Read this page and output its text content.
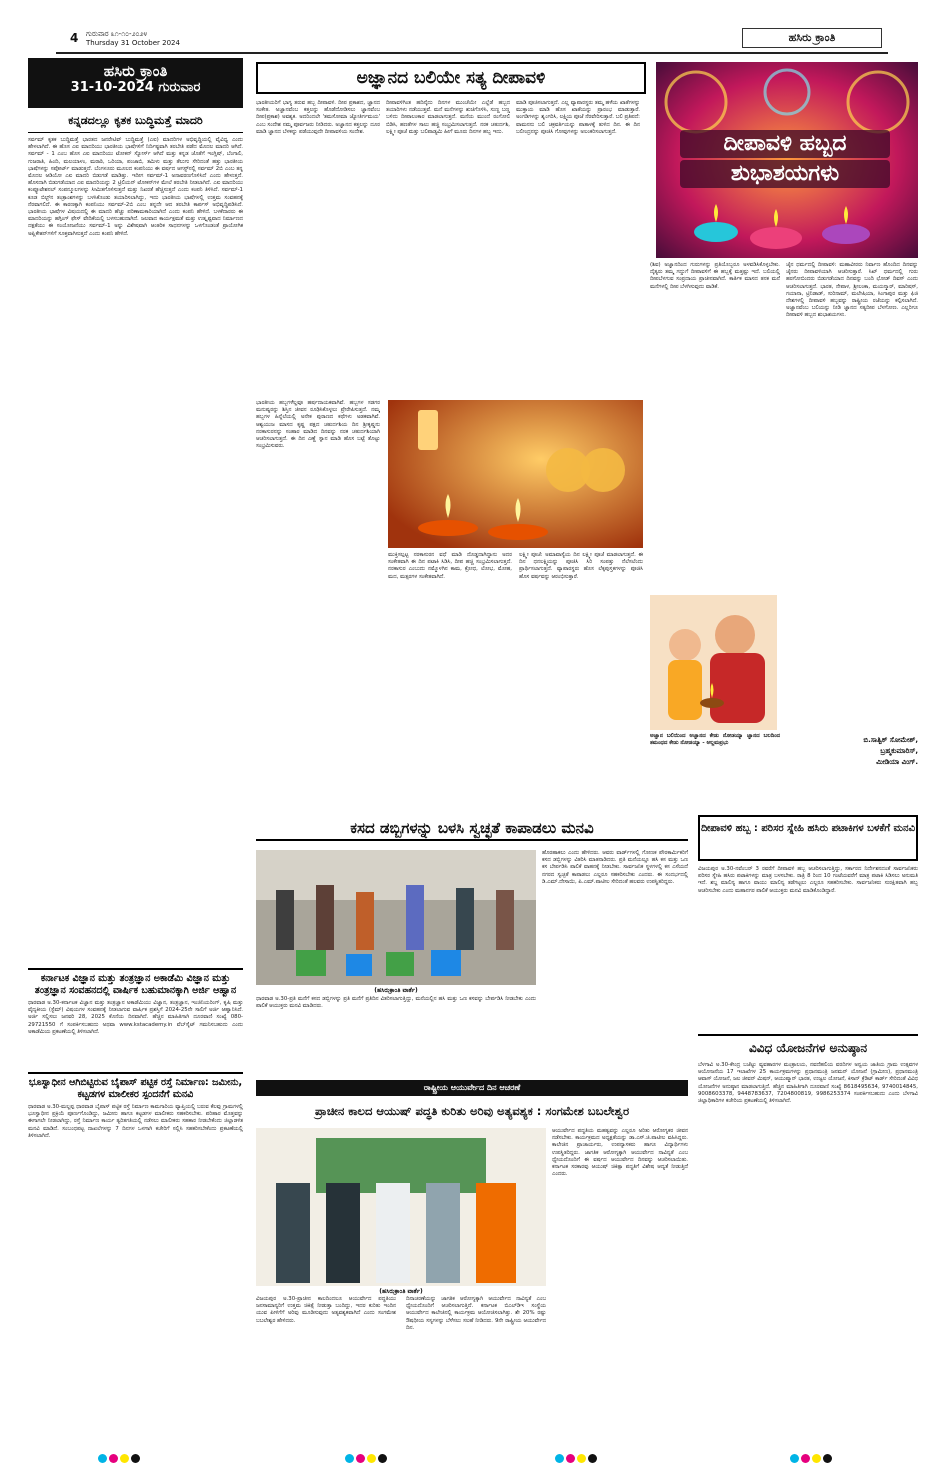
4 ಗುರುವಾರ ೩೧-೧೦-೨೦೨೪
Thursday 31 October 2024	ಹಸಿರು ಕ್ರಾಂತಿ
ಹಸಿರು ಕ್ರಾಂತಿ
31-10-2024 ಗುರುವಾರ
ಕನ್ನಡದಲ್ಲೂ ಕೃತಕ ಬುದ್ಧಿಮತ್ತೆ ಮಾದರಿ
ಸರ್ವಮ್ ಕೃತಕ ಬುದ್ಧಿಮತ್ತೆ ಭಾರತದ ಜನರೇಟಿವ್ ಬುದ್ಧಿಮತ್ತೆ (ಎಐ) ಮಾದರಿಗಳ ಅಭಿವೃದ್ಧಿಯಲ್ಲಿ ವೈವಿಧ್ಯ ಎಂದು ಹೇಳಲಾಗಿದೆ. ಈ ಹೊಸ ಎಐ ಮಾದರಿಯು ಭಾರತೀಯ ಭಾಷೆಗಳಿಗೆ ನಿರ್ದಿಷ್ಟವಾಗಿ ತರಬೇತಿ ಪಡೆದ ಮೊದಲ ಮಾದರಿ ಆಗಿದೆ. ಸರ್ವಮ್ - 1 ಎಂಬ ಹೊಸ ಎಐ ಮಾದರಿಯು ಟೋಕನ್ ಸ್ಯೋರ್ಸ್ ಆಗಿದೆ ಮತ್ತು ಕನ್ನಡ ಜೊತೆಗೆ ಇಂಗ್ಲಿಷ್, ಬೆಂಗಾಲಿ, ಗುಜರಾತಿ, ಹಿಂದಿ, ಮಲಯಾಳಂ, ಮರಾಠಿ, ಒರಿಯಾ, ಪಂಜಾಬಿ, ತಮಿಳು ಮತ್ತು ತೆಲುಗು ಸೇರಿದಂತೆ ಹತ್ತು ಭಾರತೀಯ ಭಾಷೆಗಳನ್ನು ಸಪೋರ್ಟ್ ಮಾಡುತ್ತದೆ. ಬೆಂಗಳೂರು ಮೂಲದ ಕಂಪನಿಯು ಈ ವರ್ಷದ ಆಗಸ್ಟ್‌ನಲ್ಲಿ ಸರ್ವಮ್ 2ಬಿ ಎಂಬ ತನ್ನ ಮೊದಲ ಆಡಿಯೋ ಎಐ ಮಾದರಿ ಬಿಡುಗಡೆ ಮಾಡಿತ್ತು. ಇದೀಗ ಸರ್ವಮ್-1 ಅನಾವರಣಗೊಳಿಸಿದೆ ಎಂದು ಹೇಳುತ್ತದೆ. ಹೊಸದಾಗಿ ಬಿಡುಗಡೆಯಾದ ಎಐ ಮಾದರಿಯನ್ನು 2 ಟ್ರಿಲಿಯನ್ ಟೋಕನ್‌ಗಳ ಮೇಲೆ ತರಬೇತಿ ನೀಡಲಾಗಿದೆ. ಎಐ ಮಾದರಿಯು ಕಂಪ್ಯೂಟೇಶನಲ್ ಸಂಪನ್ಮೂಲಗಳನ್ನು ಸೀಮಿತಗೊಳಿಸುತ್ತದೆ ಮತ್ತು ನಿಖರತೆ ಹೆಚ್ಚಿಸುತ್ತದೆ ಎಂದು ಕಂಪನಿ ತಿಳಿಸಿದೆ. ಸರ್ವಮ್-1 ಕೂಡ ಬಿಲ್ಟ್‌ನ ತಂತ್ರಾಂಶಗಳನ್ನು ಬಳಸಿಕೊಂಡು ತಯಾರಿಸಲಾಗಿದ್ದು, ಇದು ಭಾರತೀಯ ಭಾಷೆಗಳಲ್ಲಿ ಉತ್ತಮ ಸಂವಹನಕ್ಕೆ ನೆರವಾಗಲಿದೆ. ಈ ಕಾರಣಕ್ಕಾಗಿ ಕಂಪನಿಯು ಸರ್ವಮ್-2ಬಿ ಎಂಬ ತನ್ನದೇ ಆದ ತರಬೇತಿ ಕಾರ್ಪಸ್ ಅಭಿವೃದ್ಧಿಪಡಿಸಿದೆ. ಭಾರತೀಯ ಭಾಷೆಗಳ ವಿಷಯದಲ್ಲಿ ಈ ಮಾದರಿ ಹೆಚ್ಚು ಪರಿಣಾಮಕಾರಿಯಾಗಿದೆ ಎಂದು ಕಂಪನಿ ಹೇಳಿದೆ. ಬಳಕೆದಾರರು ಈ ಮಾದರಿಯನ್ನು ಹಗ್ಗಿಂಗ್ ಫೇಸ್ ವೇದಿಕೆಯಲ್ಲಿ ಬಳಸಬಹುದಾಗಿದೆ. ಜಲವಾದ ಕಾರ್ಯಕ್ಷಮತೆ ಮತ್ತು ಉತ್ಕೃಷ್ಟವಾದ ನಿರ್ಮಾಣದ ದಕ್ಷತೆಯು ಈ ಸಂಯೋಜನೆಯು ಸರ್ವಮ್-1 ಅನ್ನು ವಿಶೇಷವಾಗಿ ಆಂತರಿಕ ಸಾಧನಗಳನ್ನು ಒಳಗೊಂಡಂತೆ ಪ್ರಾಯೋಗಿಕ ಅಪ್ಲಿಕೇಶನ್‌ಗಳಿಗೆ ಸೂಕ್ತವಾಗಿಸುತ್ತದೆ ಎಂದು ಕಂಪನಿ ಹೇಳಿದೆ.
ಕರ್ನಾಟಕ ವಿಜ್ಞಾನ ಮತ್ತು ತಂತ್ರಜ್ಞಾನ ಅಕಾಡೆಮಿ ವಿಜ್ಞಾನ ಮತ್ತು ತಂತ್ರಜ್ಞಾನ ಸಂವಹನದಲ್ಲಿ ವಾರ್ಷಿಕ ಬಹುಮಾನಕ್ಕಾಗಿ ಅರ್ಜಿ ಆಹ್ವಾನ
ಧಾರವಾಡ ಅ.30-ಕರ್ನಾಟಕ ವಿಜ್ಞಾನ ಮತ್ತು ತಂತ್ರಜ್ಞಾನ ಅಕಾಡೆಮಿಯು ವಿಜ್ಞಾನ, ತಂತ್ರಜ್ಞಾನ, ಇಂಜಿನಿಯರಿಂಗ್, ಕೃಷಿ ಮತ್ತು ವೈದ್ಯಕೀಯ (ಸ್ಟೆಮ್) ವಿಷಯಗಳ ಸಂವಹನಕ್ಕೆ ನೀಡಲಾಗುವ ವಾರ್ಷಿಕ ಪ್ರಶಸ್ತಿಗೆ 2024-25ನೇ ಸಾಲಿಗೆ ಅರ್ಜಿ ಆಹ್ವಾನಿಸಿದೆ. ಅರ್ಜಿ ಸಲ್ಲಿಸಲು ಜನವರಿ 28, 2025 ಕೊನೆಯ ದಿನವಾಗಿದೆ. ಹೆಚ್ಚಿನ ಮಾಹಿತಿಗಾಗಿ ದೂರವಾಣಿ ಸಂಖ್ಯೆ 080-29721550 ಗೆ ಸಂಪರ್ಕಿಸಬಹುದು ಅಥವಾ www.kstacademy.in ವೆಬ್‌ಸೈಟ್ ಗಮನಿಸಬಹುದು ಎಂದು ಅಕಾಡೆಮಿಯ ಪ್ರಕಟಣೆಯಲ್ಲಿ ತಿಳಿಸಲಾಗಿದೆ.
ಭೂಸ್ವಾಧೀನ ಆಗಿಬಿಟ್ಟಿರುವ ಬೈಪಾಸ್ ಪಟ್ಟಿಕ ರಸ್ತೆ ನಿರ್ಮಾಣ: ಜಮೀನು, ಕಟ್ಟಡಗಳ ಮಾಲೀಕರ ಸ್ಪಂದನೆಗೆ ಮನವಿ
ಧಾರವಾಡ ಅ.30-ಮಲ್ಲಪ್ಪ ಧಾರವಾಡ ಬೈಪಾಸ್ ಪಟ್ಟಿಕ ರಸ್ತೆ ನಿರ್ಮಾಣ ಕಾಮಗಾರಿಯ ವ್ಯಾಪ್ತಿಯಲ್ಲಿ ಬರುವ ಕೆಲವು ಗ್ರಾಮಗಳಲ್ಲಿ ಭೂಸ್ವಾಧೀನ ಪ್ರಕ್ರಿಯೆ ಪೂರ್ಣಗೊಂಡಿದ್ದು, ಜಮೀನು ಹಾಗೂ ಕಟ್ಟಡಗಳ ಮಾಲೀಕರು ಸಹಕರಿಸಬೇಕು. ಪರಿಹಾರ ಮೊತ್ತವನ್ನು ಈಗಾಗಲೇ ನೀಡಲಾಗಿದ್ದು, ರಸ್ತೆ ನಿರ್ಮಾಣ ಕಾರ್ಯ ತ್ವರಿತಗತಿಯಲ್ಲಿ ನಡೆಸಲು ಮಾಲೀಕರು ಸಹಕಾರ ನೀಡಬೇಕೆಂದು ಜಿಲ್ಲಾಡಳಿತ ಮನವಿ ಮಾಡಿದೆ. ಸಂಬಂಧಪಟ್ಟ ದಾಖಲೆಗಳನ್ನು 7 ದಿನಗಳ ಒಳಗಾಗಿ ಕಚೇರಿಗೆ ಸಲ್ಲಿಸಿ ಸಹಕರಿಸಬೇಕೆಂದು ಪ್ರಕಟಣೆಯಲ್ಲಿ ತಿಳಿಸಲಾಗಿದೆ.
ಅಜ್ಞಾನದ ಬಲಿಯೇ ಸತ್ಯ ದೀಪಾವಳಿ
ಭಾರತೀಯರಿಗೆ ಭಾಗ್ಯ ತರುವ ಹಬ್ಬ ದೀಪಾವಳಿ. ದೀಪ ಪ್ರಕಾಶದ, ಜ್ಞಾನದ ಸಂಕೇತ. ಅಜ್ಞಾನವೆಂಬ ಕತ್ತಲನ್ನು ಹೊಡೆದೋಡಿಸಲು ಜ್ಞಾನವೆಂಬ ದೀಪ(ಪ್ರಕಾಶ) ಅವಶ್ಯಕ. ಅದರಿಂದಲೇ 'ತಮಸೋಮಾ ಜ್ಯೋತಿರ್ಗಮಯ' ಎಂಬ ಸಂದೇಶ ನಮ್ಮ ಪೂರ್ವಜರು ನೀಡಿದರು. ಅಜ್ಞಾನದ ಕತ್ತಲನ್ನು ದೂರ ಮಾಡಿ ಜ್ಞಾನದ ಬೆಳಕನ್ನು ಪಡೆಯುವುದೇ ದೀಪಾವಳಿಯ ಸಂದೇಶ.
ದೀಪಾವಳಿಗಿಂತ ಹದಿನೈದು ದಿನಗಳ ಮುಂಚೆಯೇ ಎಲ್ಲೆಡೆ ಹಬ್ಬದ ತಯಾರಿಗಳು ನಡೆಯುತ್ತವೆ. ಮನೆ ಮನೆಗಳನ್ನು ಶುಚಿಗೊಳಿಸಿ, ಸುಣ್ಣ ಬಣ್ಣ ಬಳಿದು ದೀಪಾಲಂಕಾರ ಮಾಡಲಾಗುತ್ತದೆ. ಮನೆಯ ಮುಂದೆ ರಂಗೋಲಿ ಬಿಡಿಸಿ, ಹಣತೆಗಳ ಸಾಲು ಹಚ್ಚಿ ಸಂಭ್ರಮಿಸಲಾಗುತ್ತದೆ. ನರಕ ಚತುರ್ದಶಿ, ಲಕ್ಷ್ಮೀ ಪೂಜೆ ಮತ್ತು ಬಲಿಪಾಡ್ಯಮಿ ಹೀಗೆ ಮೂರು ದಿನಗಳ ಹಬ್ಬ ಇದು.
ಮಾಡಿ ಪೂಜಿಸಲಾಗುತ್ತದೆ. ಎಲ್ಲ ವ್ಯಾಪಾರಸ್ಥರು ತಮ್ಮ ಹಳೆಯ ಖಾತೆಗಳನ್ನು ಮುಕ್ತಾಯ ಮಾಡಿ ಹೊಸ ಖಾತೆಯನ್ನು ಪ್ರಾರಂಭ ಮಾಡುತ್ತಾರೆ. ಅಂಗಡಿಗಳನ್ನು ಶೃಂಗರಿಸಿ, ಲಕ್ಷ್ಮಿಯ ಪೂಜೆ ನೆರವೇರಿಸುತ್ತಾರೆ. ಬಲಿ ಪ್ರತಿಪದೆ: ವಾಮನನು ಬಲಿ ಚಕ್ರವರ್ತಿಯನ್ನು ಪಾತಾಳಕ್ಕೆ ತುಳಿದ ದಿನ. ಈ ದಿನ ಬಲೀಂದ್ರನನ್ನು ಪೂಜಿಸಿ ಗೋವುಗಳನ್ನು ಅಲಂಕರಿಸಲಾಗುತ್ತದೆ.	ದೀಪಾವಳಿ ಹಬ್ಬದ
ಶುಭಾಶಯಗಳು
ಭಾರತೀಯ ಹಬ್ಬಗಳೆಲ್ಲವೂ ಹರ್ಷದಾಯಕವಾಗಿವೆ. ಹಬ್ಬಗಳ ಸಡಗರ ಮನುಷ್ಯರನ್ನು ಶಿಸ್ತಿನ ಜೀವನ ರೂಢಿಸಿಕೊಳ್ಳಲು ಪ್ರೇರೇಪಿಸುತ್ತದೆ. ನಮ್ಮ ಹಬ್ಬಗಳ ಹಿನ್ನೆಲೆಯಲ್ಲಿ ಅನೇಕ ಪುರಾಣದ ಕಥೆಗಳು ಅಡಕವಾಗಿವೆ. ಆಶ್ವಯುಜ ಮಾಸದ ಕೃಷ್ಣ ಪಕ್ಷದ ಚತುರ್ದಶಿಯ ದಿನ ಶ್ರೀಕೃಷ್ಣನು ನರಕಾಸುರನನ್ನು ಸಂಹಾರ ಮಾಡಿದ ದಿನವನ್ನು ನರಕ ಚತುರ್ದಶಿಯಾಗಿ ಆಚರಿಸಲಾಗುತ್ತದೆ. ಈ ದಿನ ಎಣ್ಣೆ ಸ್ನಾನ ಮಾಡಿ ಹೊಸ ಬಟ್ಟೆ ತೊಟ್ಟು ಸಂಭ್ರಮಿಸುವರು.
ಮುಕ್ತಿಸಲ್ಪಟ್ಟ ನರಕಾಸುರನ ವಧೆ ಮಾಡಿ ದೊಡ್ಡದಾಗಿದ್ದಾನು ಅದರ ಸಂಕೇತವಾಗಿ ಈ ದಿನ ಪಟಾಕಿ ಸಿಡಿಸಿ, ದೀಪ ಹಚ್ಚಿ ಸಂಭ್ರಮಿಸಲಾಗುತ್ತದೆ. ನರಕಾಸುರ ಎಂಬುದು ನಮ್ಮೊಳಗಿನ ಕಾಮ, ಕ್ರೋಧ, ಲೋಭ, ಮೋಹ, ಮದ, ಮತ್ಸರಗಳ ಸಂಕೇತವಾಗಿದೆ.
ಲಕ್ಷ್ಮೀ ಪೂಜೆ: ಅಮಾವಾಸ್ಯೆಯ ದಿನ ಲಕ್ಷ್ಮೀ ಪೂಜೆ ಮಾಡಲಾಗುತ್ತದೆ. ಈ ದಿನ ಧನಲಕ್ಷ್ಮಿಯನ್ನು ಪೂಜಿಸಿ ಸಿರಿ ಸಂಪತ್ತು ನೆಲೆಸಲೆಂದು ಪ್ರಾರ್ಥಿಸಲಾಗುತ್ತದೆ. ವ್ಯಾಪಾರಸ್ಥರು ಹೊಸ ಲೆಕ್ಕಪುಸ್ತಕಗಳನ್ನು ಪೂಜಿಸಿ ಹೊಸ ವರ್ಷವನ್ನು ಆರಂಭಿಸುತ್ತಾರೆ.
(ಶಿವ) ಅಜ್ಞಾನದಿಂದ ಗುರುಗಳನ್ನು ಪ್ರತಿಯೊಬ್ಬರೂ ಅಳವಡಿಸಿಕೊಳ್ಳಬೇಕು. ದೈತ್ಯರು ತಮ್ಮ ಗದ್ದುಗೆ ದೀಪಾವಳಿಗೆ ಈ ಹಬ್ಬಕ್ಕೆ ಮತ್ತಷ್ಟು ಇದೆ. ಬಲಿಯಲ್ಲಿ ದೀಪಬೆಳಗುವ ಸಂಪ್ರದಾಯ ಪ್ರಾಚೀನವಾಗಿದೆ. ಕಾರ್ತಿಕ ಮಾಸದ ತನಕ ಮನೆ ಮನೆಗಳಲ್ಲಿ ದೀಪ ಬೆಳಗಿಸುವುದು ವಾಡಿಕೆ.
ಜೈನ ಧರ್ಮದಲ್ಲಿ ದೀಪಾವಳಿ: ಮಹಾವೀರರು ನಿರ್ವಾಣ ಹೊಂದಿದ ದಿನವನ್ನು ಜೈನರು ದೀಪಾವಳಿಯಾಗಿ ಆಚರಿಸುತ್ತಾರೆ. ಸಿಖ್ ಧರ್ಮದಲ್ಲಿ ಗುರು ಹರಗೋಬಿಂದರು ಬಿಡುಗಡೆಯಾದ ದಿನವನ್ನು ಬಂದಿ ಛೋಡ್ ದಿವಸ್ ಎಂದು ಆಚರಿಸಲಾಗುತ್ತದೆ. ಭಾರತ, ನೇಪಾಳ, ಶ್ರೀಲಂಕಾ, ಮಯನ್ಮಾರ್, ಮಾರಿಷಸ್, ಗಯಾನಾ, ಟ್ರಿನಿಡಾಡ್, ಸುರಿನಾಮ್, ಮಲೇಷಿಯಾ, ಸಿಂಗಾಪುರ ಮತ್ತು ಫಿಜಿ ದೇಶಗಳಲ್ಲಿ ದೀಪಾವಳಿ ಹಬ್ಬವನ್ನು ರಾಷ್ಟ್ರೀಯ ರಜೆಯನ್ನು ಕಲ್ಪಿಸಲಾಗಿದೆ. ಅಜ್ಞಾನವೆಂಬ ಬಲಿಯನ್ನು ನೀಡಿ ಜ್ಞಾನದ ಸತ್ಯದೀಪ ಬೆಳಗೋಣ. ಎಲ್ಲರಿಗೂ ದೀಪಾವಳಿ ಹಬ್ಬದ ಶುಭಾಶಯಗಳು.
ಅಜ್ಞಾನ ಬಲಿಯಿಂದ ಅಜ್ಞಾನದ ಕೇಡು ನೋಡಯ್ಯಾ ಜ್ಞಾನದ ಬಲದಿಂದ ತಮಂಧದ ಕೇಡು ನೋಡಯ್ಯಾ - ಅಲ್ಲಮಪ್ರಭು	ಬಿ.ಸಾತ್ವಿಕ್ ಸೋಮೇಶ್,
ಬ್ರಹ್ಮಕುಮಾರಿಸ್,
ಮೀಡಿಯಾ ವಿಂಗ್.
ಕಸದ ಡಬ್ಬಿಗಳನ್ನು ಬಳಸಿ ಸ್ವಚ್ಛತೆ ಕಾಪಾಡಲು ಮನವಿ
(ಹಸಿರುಕ್ರಾಂತಿ ವಾರ್ತೆ)
ಹೊರಹಾಕಲು ಎಂದು ಹೇಳಿದರು. ಆವರು ವಾರ್ಡ್‌ಗಳಲ್ಲಿ ಗೋಣಕ ಪೌರಕಾರ್ಮಿಕರಿಗೆ ಕಸದ ಡಬ್ಬಿಗಳನ್ನು ವಿತರಿಸಿ ಮಾತನಾಡಿದರು. ಪ್ರತಿ ಮನೆಯಲ್ಲೂ ಹಸಿ ಕಸ ಮತ್ತು ಒಣ ಕಸ ಬೇರ್ಪಡಿಸಿ ಪಾಲಿಕೆ ವಾಹನಕ್ಕೆ ನೀಡಬೇಕು. ಸಾರ್ವಜನಿಕ ಸ್ಥಳಗಳಲ್ಲಿ ಕಸ ಎಸೆಯದೆ ನಗರದ ಸ್ವಚ್ಛತೆ ಕಾಪಾಡಲು ಎಲ್ಲರೂ ಸಹಕರಿಸಬೇಕು ಎಂದರು. ಈ ಸಂದರ್ಭದಲ್ಲಿ ಡಿ.ಎಮ್.ದೇಸಾಯಿ, ಪಿ.ಎಮ್.ಪಾಟೀಲ ಸೇರಿದಂತೆ ಹಲವರು ಉಪಸ್ಥಿತರಿದ್ದರು.
ಧಾರವಾಡ ಅ.30-ಪ್ರತಿ ಮನೆಗೆ ಕಸದ ಡಬ್ಬಿಗಳನ್ನು ಪ್ರತಿ ಮನೆಗೆ ಪ್ರತಿದಿನ ವಿತರಿಸಲಾಗುತ್ತಿದ್ದು, ಮನೆಯಲ್ಲಿನ ಹಸಿ ಮತ್ತು ಒಣ ಕಸವನ್ನು ಬೇರ್ಪಡಿಸಿ ನೀಡಬೇಕು ಎಂದು ಪಾಲಿಕೆ ಆಯುಕ್ತರು ಮನವಿ ಮಾಡಿದರು.
ರಾಷ್ಟ್ರೀಯ ಆಯುರ್ವೇದ ದಿನ ಆಚರಣೆ
ಪ್ರಾಚೀನ ಕಾಲದ ಆಯುಷ್ ಪದ್ಧತಿ ಕುರಿತು ಅರಿವು ಅತ್ಯವಶ್ಯಕ : ಸಂಗಮೇಶ ಬಬಲೇಶ್ವರ
(ಹಸಿರುಕ್ರಾಂತಿ ವಾರ್ತೆ)
ಆಯುರ್ವೇದ ಪದ್ಧತಿಯ ಮಹತ್ವವನ್ನು ಎಲ್ಲರೂ ಅರಿತು ಆರೋಗ್ಯಕರ ಜೀವನ ನಡೆಸಬೇಕು. ಕಾರ್ಯಕ್ರಮದ ಅಧ್ಯಕ್ಷತೆಯನ್ನು ಡಾ.ಎಸ್.ಜಿ.ಪಾಟೀಲ ವಹಿಸಿದ್ದರು. ಕಾಲೇಜಿನ ಪ್ರಾಚಾರ್ಯರು, ಉಪನ್ಯಾಸಕರು ಹಾಗೂ ವಿದ್ಯಾರ್ಥಿಗಳು ಉಪಸ್ಥಿತರಿದ್ದರು. ಜಾಗತಿಕ ಆರೋಗ್ಯಕ್ಕಾಗಿ ಆಯುರ್ವೇದ ನಾವಿನ್ಯತೆ ಎಂಬ ಧ್ಯೇಯದೊಂದಿಗೆ ಈ ವರ್ಷದ ಆಯುರ್ವೇದ ದಿನವನ್ನು ಆಚರಿಸಲಾಯಿತು. ಕರ್ನಾಟಕ ಸರಕಾರವು ಆಯುಷ್ ಚಿಕಿತ್ಸಾ ಪದ್ಧತಿಗೆ ವಿಶೇಷ ಆದ್ಯತೆ ನೀಡುತ್ತಿದೆ ಎಂದರು.
ವಿಜಯಪುರ ಅ.30-ಪ್ರಾಚೀನ ಕಾಲದಿಂದಲೂ ಆಯುರ್ವೇದ ಪದ್ಧತಿಯು ಜನಸಾಮಾನ್ಯರಿಗೆ ಉತ್ತಮ ಚಿಕಿತ್ಸೆ ನೀಡುತ್ತಾ ಬಂದಿದ್ದು, ಇದರ ಕುರಿತು ಇಂದಿನ ಯುವ ಪೀಳಿಗೆಗೆ ಅರಿವು ಮೂಡಿಸುವುದು ಅತ್ಯವಶ್ಯಕವಾಗಿದೆ ಎಂದು ಸಂಗಮೇಶ ಬಬಲೇಶ್ವರ ಹೇಳಿದರು.
ದಿನಾಚರಣೆಯನ್ನು ಜಾಗತಿಕ ಆರೋಗ್ಯಕ್ಕಾಗಿ ಆಯುರ್ವೇದ ನಾವಿನ್ಯತೆ ಎಂಬ ಧ್ಯೇಯದೊಂದಿಗೆ ಆಚರಿಸಲಾಗುತ್ತಿದೆ. ಕರ್ನಾಟಕ ಬಿಎಲ್‌ಡಿಇ ಸಂಸ್ಥೆಯ ಆಯುರ್ವೇದ ಕಾಲೇಜಿನಲ್ಲಿ ಕಾರ್ಯಕ್ರಮ ಆಯೋಜಿಸಲಾಗಿತ್ತು. ಶೇ 20% ರಷ್ಟು ಔಷಧೀಯ ಸಸ್ಯಗಳನ್ನು ಬೆಳೆಸಲು ಸಲಹೆ ನೀಡಿದರು. 9ನೇ ರಾಷ್ಟ್ರೀಯ ಆಯುರ್ವೇದ ದಿನ.
ದೀಪಾವಳಿ ಹಬ್ಬ : ಪರಿಸರ ಸ್ನೇಹಿ ಹಸಿರು ಪಟಾಕಿಗಳ ಬಳಕೆಗೆ ಮನವಿ
ವಿಜಯಪುರ ಅ.30-ನವೆಂಬರ್ 3 ರವರೆಗೆ ದೀಪಾವಳಿ ಹಬ್ಬ ಆಚರಿಸಲಾಗುತ್ತಿದ್ದು, ಸರ್ಕಾರದ ನಿರ್ದೇಶನದಂತೆ ಸಾರ್ವಜನಿಕರು ಪರಿಸರ ಸ್ನೇಹಿ ಹಸಿರು ಪಟಾಕಿಗಳನ್ನು ಮಾತ್ರ ಬಳಸಬೇಕು. ರಾತ್ರಿ 8 ರಿಂದ 10 ಗಂಟೆಯವರೆಗೆ ಮಾತ್ರ ಪಟಾಕಿ ಸಿಡಿಸಲು ಅನುಮತಿ ಇದೆ. ಶಬ್ದ ಮಾಲಿನ್ಯ ಹಾಗೂ ವಾಯು ಮಾಲಿನ್ಯ ತಡೆಗಟ್ಟಲು ಎಲ್ಲರೂ ಸಹಕರಿಸಬೇಕು. ಸಾರ್ವಜನಿಕರು ಸುರಕ್ಷಿತವಾಗಿ ಹಬ್ಬ ಆಚರಿಸಬೇಕು ಎಂದು ಮಹಾನಗರ ಪಾಲಿಕೆ ಆಯುಕ್ತರು ಮನವಿ ಮಾಡಿಕೊಂಡಿದ್ದಾರೆ.
ವಿವಿಧ ಯೋಜನೆಗಳ ಅನುಷ್ಠಾನ
ಬೆಳಗಾವಿ ಅ.30-ಕೇಂದ್ರ ಬಜೆಟ್ಟು ವ್ಯವಹಾರಗಳ ಮಂತ್ರಾಲಯ, ನವದೆಹಲಿಯ ವರದಿಗಳ ಅನ್ವಯ ಜಾತಿಯ ಗ್ರಾಮ ಉತ್ಸವಗಳ ಆಯೋಜನೆಯ 17 ಇಲಾಖೆಗಳ 25 ಕಾರ್ಯಕ್ರಮಗಳನ್ನು ಪ್ರಧಾನಮಂತ್ರಿ ಜನಮನ್ ಯೋಜನೆ (ಗ್ರಾಮೀಣ), ಪ್ರಧಾನಮಂತ್ರಿ ಆವಾಸ್ ಯೋಜನೆ, ಜಲ ಜೀವನ್ ಮಿಷನ್, ಆಯುಷ್ಮಾನ್ ಭಾರತ, ಉಜ್ವಲ ಯೋಜನೆ, ಕಿಸಾನ್ ಕ್ರೆಡಿಟ್ ಕಾರ್ಡ್ ಸೇರಿದಂತೆ ವಿವಿಧ ಯೋಜನೆಗಳ ಅನುಷ್ಠಾನ ಮಾಡಲಾಗುತ್ತಿದೆ. ಹೆಚ್ಚಿನ ಮಾಹಿತಿಗಾಗಿ ದೂರವಾಣಿ ಸಂಖ್ಯೆ 8618495634, 9740014845, 9008603378, 9448783637, 7204800819, 9986253374 ಸಂಪರ್ಕಿಸಬಹುದು ಎಂದು ಬೆಳಗಾವಿ ಜಿಲ್ಲಾಧಿಕಾರಿಗಳ ಕಚೇರಿಯ ಪ್ರಕಟಣೆಯಲ್ಲಿ ತಿಳಿಸಲಾಗಿದೆ.
